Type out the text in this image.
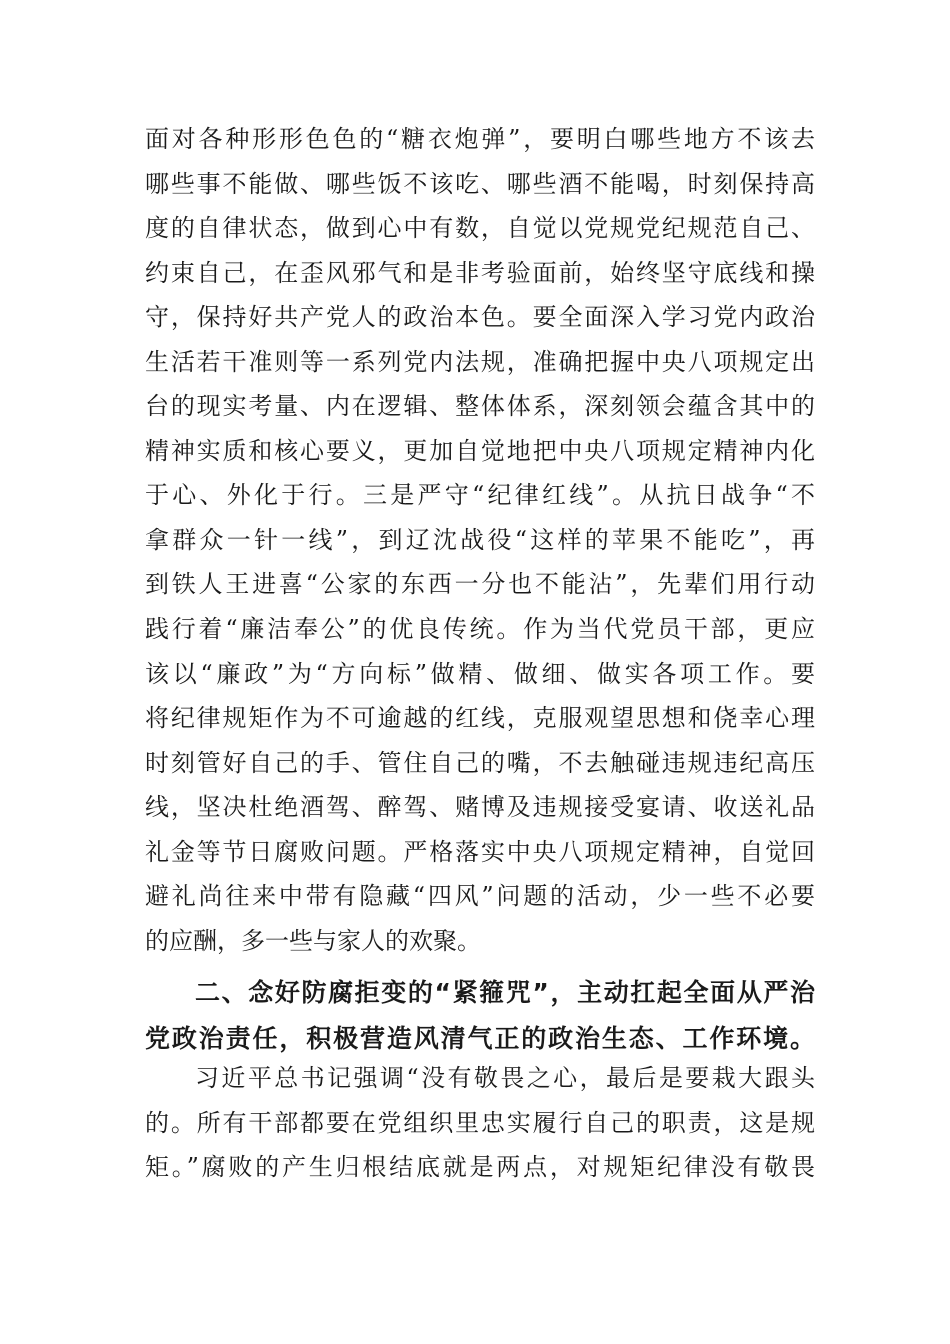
面对各种形形色色的“糖衣炮弹”，要明白哪些地方不该去
哪些事不能做、哪些饭不该吃、哪些酒不能喝，时刻保持高
度的自律状态，做到心中有数，自觉以党规党纪规范自己、
约束自己，在歪风邪气和是非考验面前，始终坚守底线和操
守，保持好共产党人的政治本色。要全面深入学习党内政治
生活若干准则等一系列党内法规，准确把握中央八项规定出
台的现实考量、内在逻辑、整体体系，深刻领会蕴含其中的
精神实质和核心要义，更加自觉地把中央八项规定精神内化
于心、外化于行。三是严守“纪律红线”。从抗日战争“不
拿群众一针一线”，到辽沈战役“这样的苹果不能吃”，再
到铁人王进喜“公家的东西一分也不能沾”，先辈们用行动
践行着“廉洁奉公”的优良传统。作为当代党员干部，更应
该以“廉政”为“方向标”做精、做细、做实各项工作。要
将纪律规矩作为不可逾越的红线，克服观望思想和侥幸心理
时刻管好自己的手、管住自己的嘴，不去触碰违规违纪高压
线，坚决杜绝酒驾、醉驾、赌博及违规接受宴请、收送礼品
礼金等节日腐败问题。严格落实中央八项规定精神，自觉回
避礼尚往来中带有隐藏“四风”问题的活动，少一些不必要
的应酬，多一些与家人的欢聚。
二、念好防腐拒变的“紧箍咒”，主动扛起全面从严治
党政治责任，积极营造风清气正的政治生态、工作环境。
习近平总书记强调“没有敬畏之心，最后是要栽大跟头
的。所有干部都要在党组织里忠实履行自己的职责，这是规
矩。”腐败的产生归根结底就是两点，对规矩纪律没有敬畏
